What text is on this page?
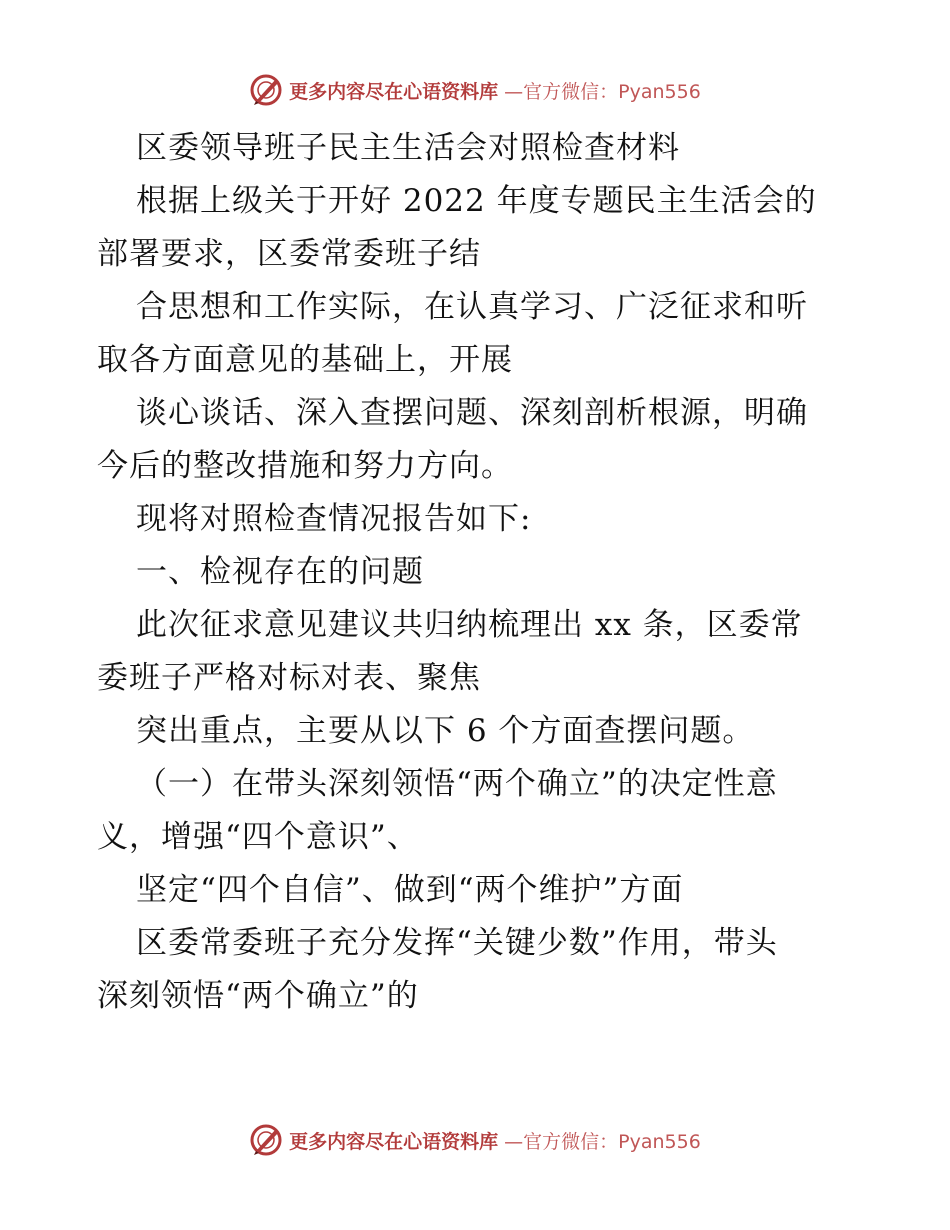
更多内容尽在心语资料库 —官方微信：Pyan556
区委领导班子民主生活会对照检查材料
根据上级关于开好 2022 年度专题民主生活会的
部署要求，区委常委班子结
合思想和工作实际，在认真学习、广泛征求和听
取各方面意见的基础上，开展
谈心谈话、深入查摆问题、深刻剖析根源，明确
今后的整改措施和努力方向。
现将对照检查情况报告如下:
一、检视存在的问题
此次征求意见建议共归纳梳理出 xx 条，区委常
委班子严格对标对表、聚焦
突出重点，主要从以下 6 个方面查摆问题。
（一）在带头深刻领悟“两个确立”的决定性意
义，增强“四个意识”、
坚定“四个自信”、做到“两个维护”方面
区委常委班子充分发挥“关键少数”作用，带头
深刻领悟“两个确立”的
更多内容尽在心语资料库 —官方微信：Pyan556
